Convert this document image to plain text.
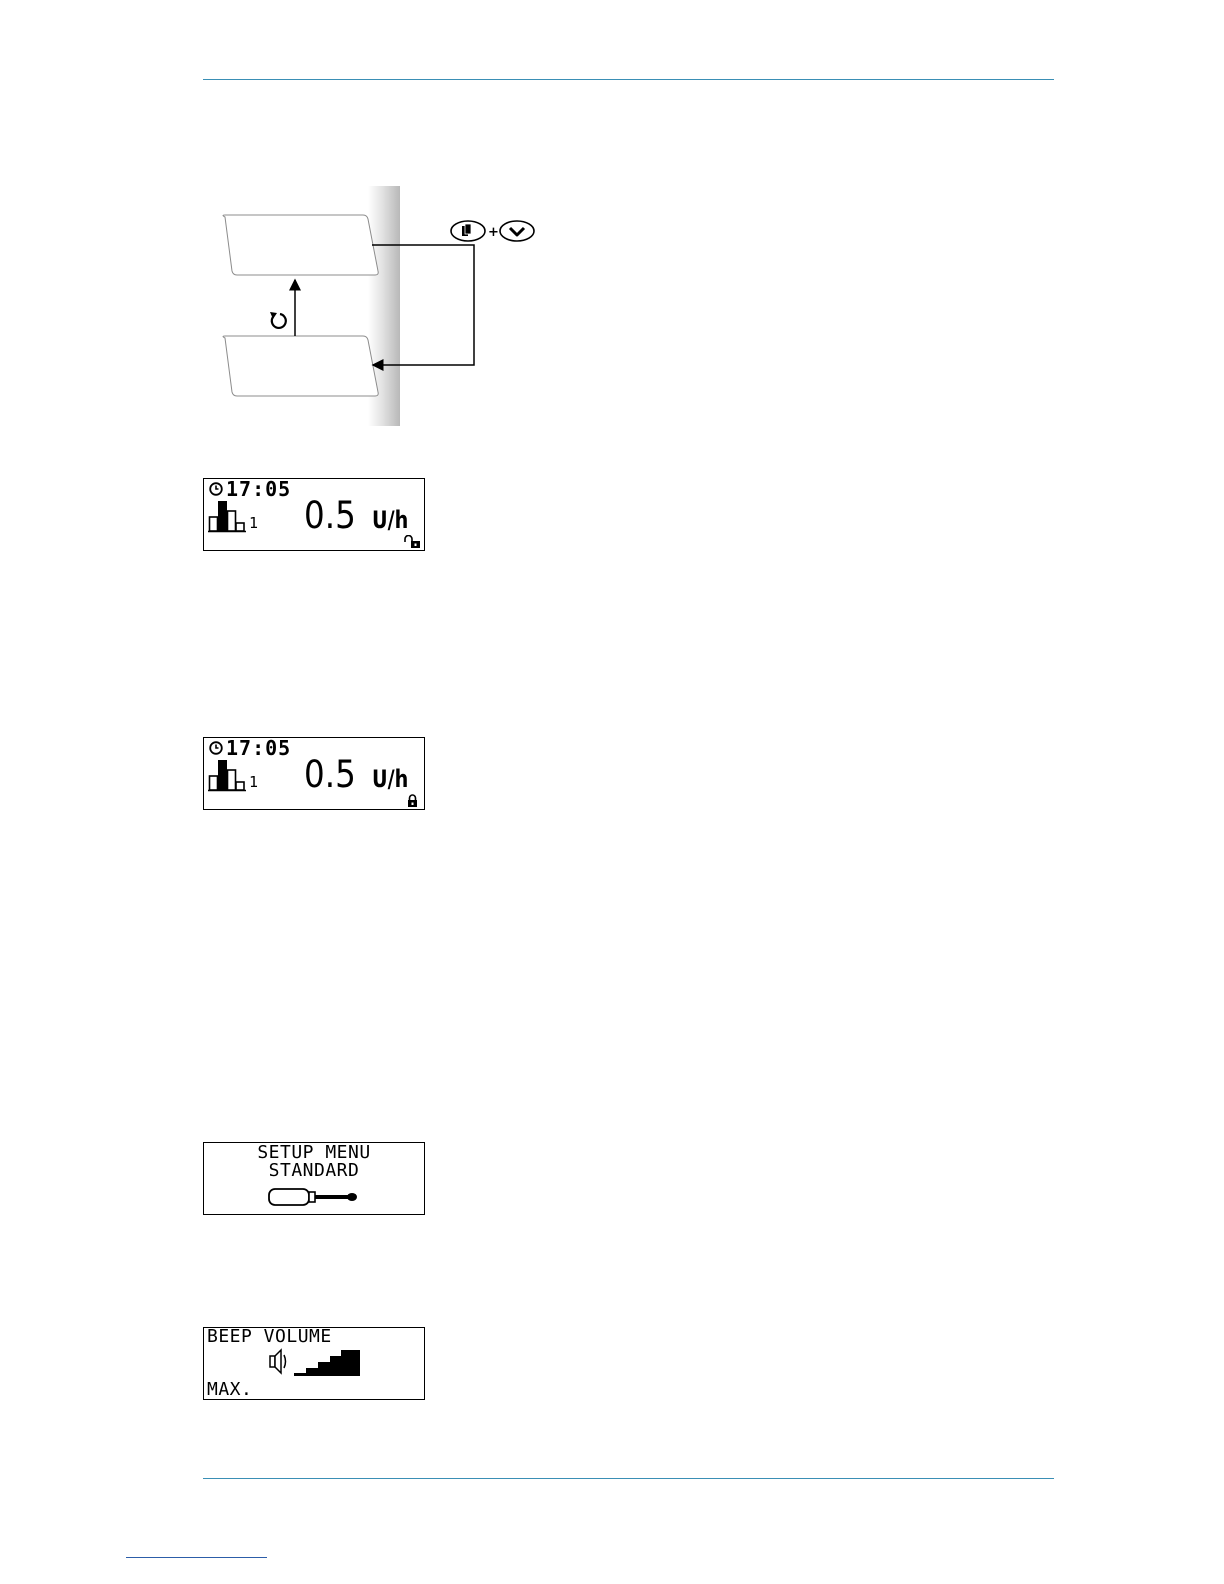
+
17:05
1 0.5 U/h
17:05
1 0.5 U/h
SETUP MENU
STANDARD
BEEP VOLUME
MAX.
